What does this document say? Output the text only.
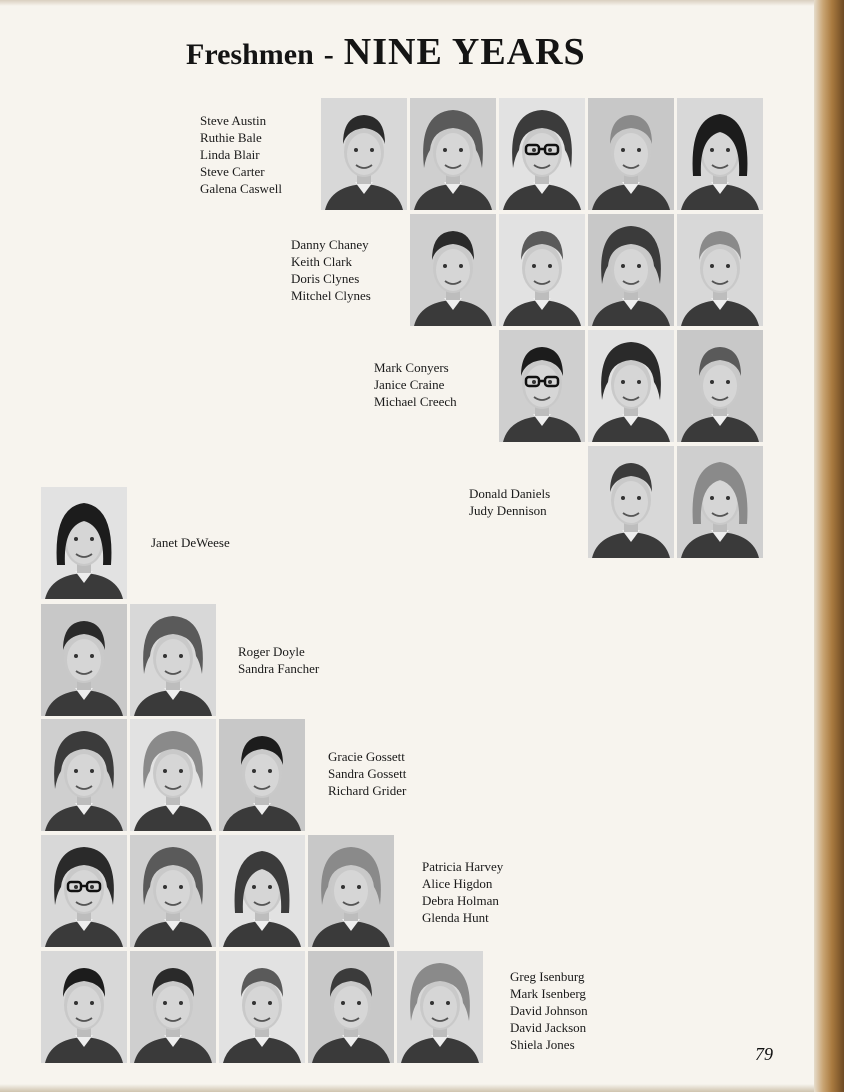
Freshmen - NINE YEARS
Steve Austin
Ruthie Bale
Linda Blair
Steve Carter
Galena Caswell
Danny Chaney
Keith Clark
Doris Clynes
Mitchel Clynes
Mark Conyers
Janice Craine
Michael Creech
Donald Daniels
Judy Dennison
Janet DeWeese
Roger Doyle
Sandra Fancher
Gracie Gossett
Sandra Gossett
Richard Grider
Patricia Harvey
Alice Higdon
Debra Holman
Glenda Hunt
Greg Isenburg
Mark Isenberg
David Johnson
David Jackson
Shiela Jones	79
